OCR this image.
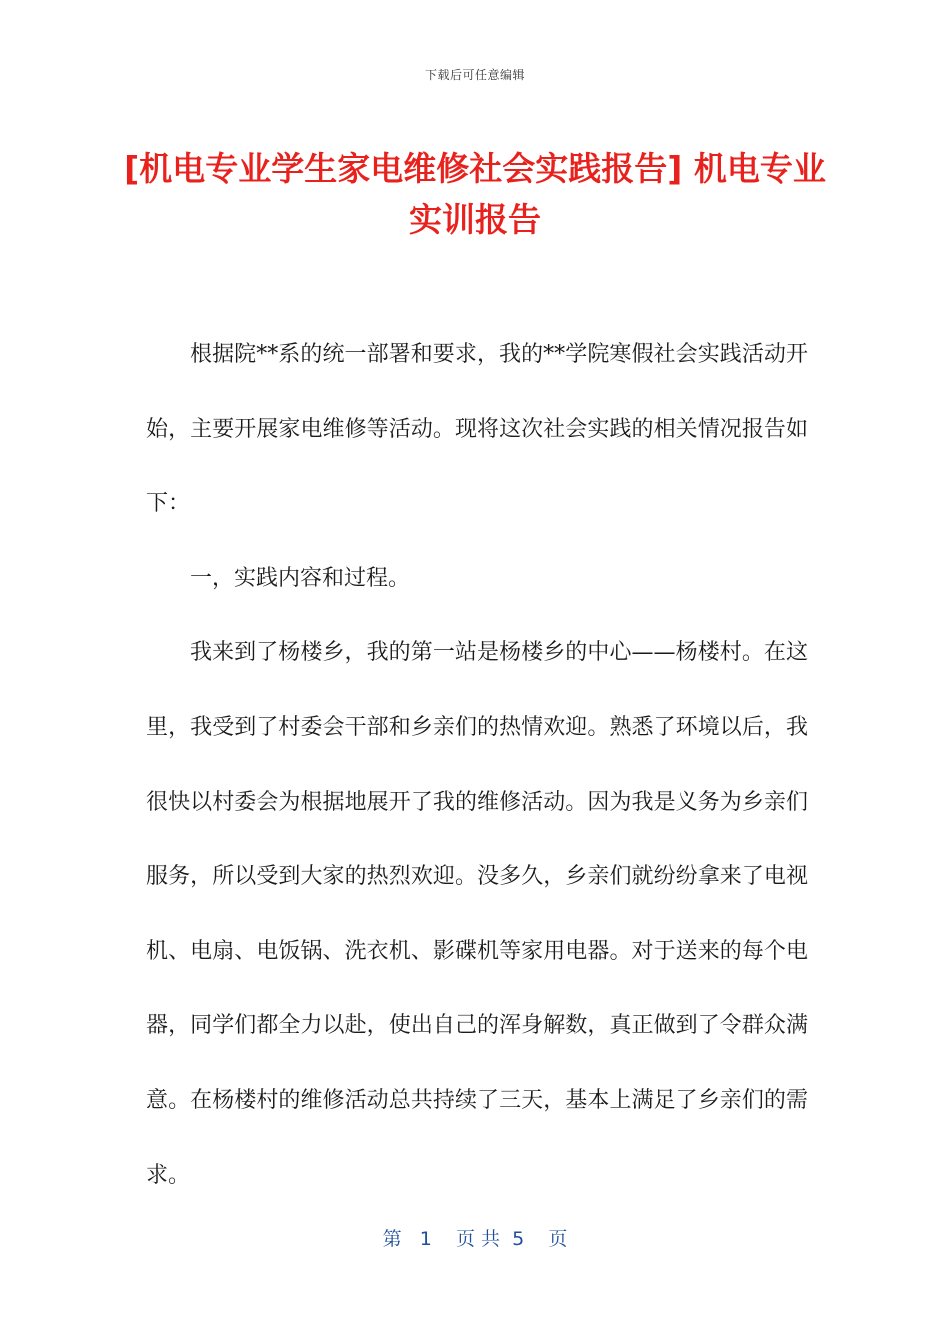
下载后可任意编辑
[机电专业学生家电维修社会实践报告] 机电专业实训报告

根据院**系的统一部署和要求，我的**学院寒假社会实践活动开始，主要开展家电维修等活动。现将这次社会实践的相关情况报告如下：

一，实践内容和过程。

我来到了杨楼乡，我的第一站是杨楼乡的中心——杨楼村。在这里，我受到了村委会干部和乡亲们的热情欢迎。熟悉了环境以后，我很快以村委会为根据地展开了我的维修活动。因为我是义务为乡亲们服务，所以受到大家的热烈欢迎。没多久，乡亲们就纷纷拿来了电视机、电扇、电饭锅、洗衣机、影碟机等家用电器。对于送来的每个电器，同学们都全力以赴，使出自己的浑身解数，真正做到了令群众满意。在杨楼村的维修活动总共持续了三天，基本上满足了乡亲们的需求。

第   1    页 共  5    页
